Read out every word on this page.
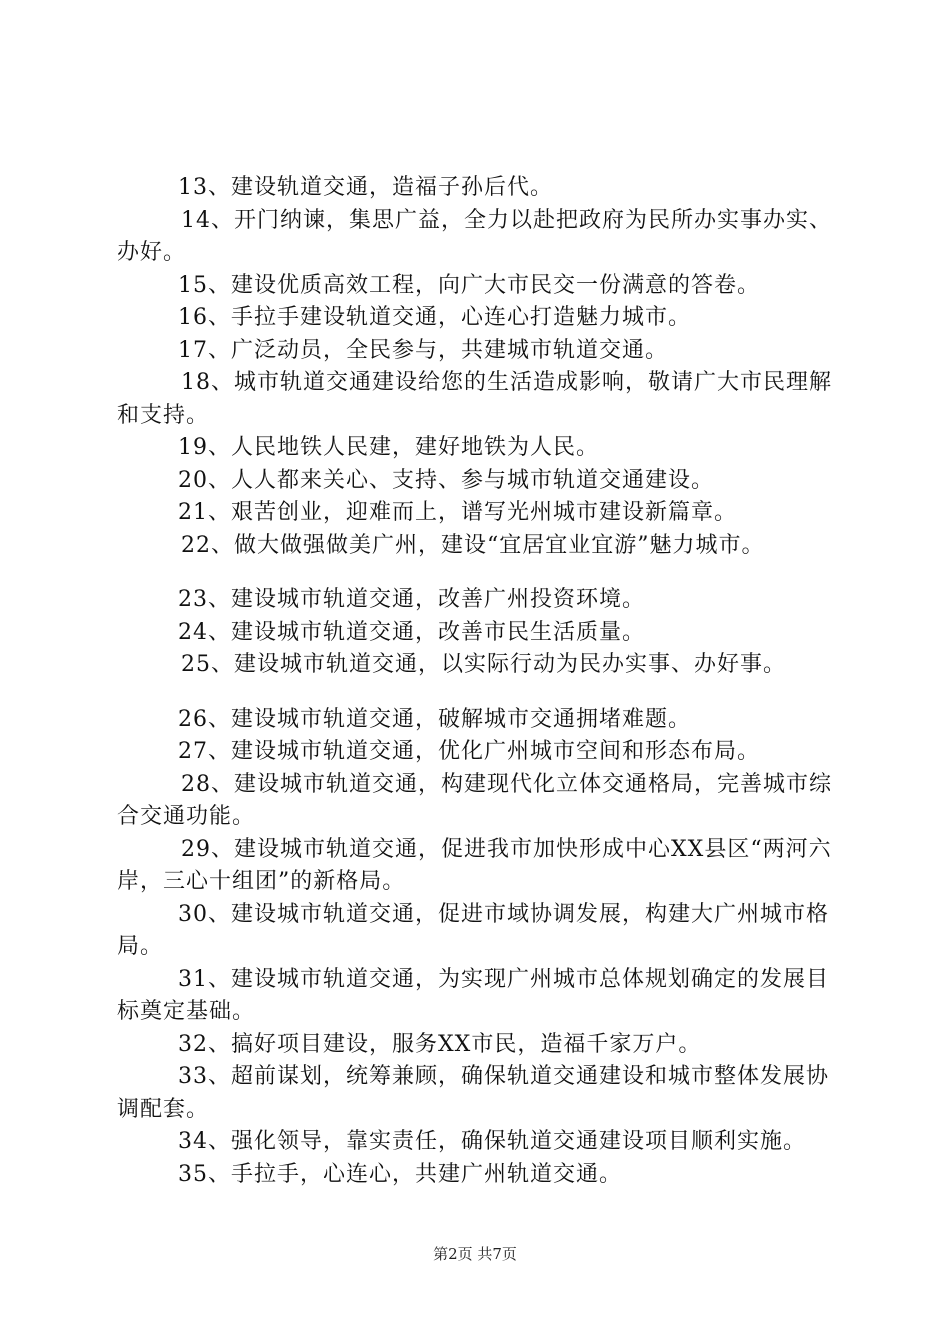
13、建设轨道交通，造福子孙后代。

14、开门纳谏，集思广益，全力以赴把政府为民所办实事办实、办好。

15、建设优质高效工程，向广大市民交一份满意的答卷。

16、手拉手建设轨道交通，心连心打造魅力城市。

17、广泛动员，全民参与，共建城市轨道交通。

18、城市轨道交通建设给您的生活造成影响，敬请广大市民理解和支持。

19、人民地铁人民建，建好地铁为人民。

20、人人都来关心、支持、参与城市轨道交通建设。

21、艰苦创业，迎难而上，谱写光州城市建设新篇章。

22、做大做强做美广州，建设“宜居宜业宜游”魅力城市。

23、建设城市轨道交通，改善广州投资环境。

24、建设城市轨道交通，改善市民生活质量。

25、建设城市轨道交通，以实际行动为民办实事、办好事。

26、建设城市轨道交通，破解城市交通拥堵难题。

27、建设城市轨道交通，优化广州城市空间和形态布局。

28、建设城市轨道交通，构建现代化立体交通格局，完善城市综合交通功能。

29、建设城市轨道交通，促进我市加快形成中心XX县区“两河六岸，三心十组团”的新格局。

30、建设城市轨道交通，促进市域协调发展，构建大广州城市格局。

31、建设城市轨道交通，为实现广州城市总体规划确定的发展目标奠定基础。

32、搞好项目建设，服务XX市民，造福千家万户。

33、超前谋划，统筹兼顾，确保轨道交通建设和城市整体发展协调配套。

34、强化领导，靠实责任，确保轨道交通建设项目顺利实施。

35、手拉手，心连心，共建广州轨道交通。

第2页 共7页
